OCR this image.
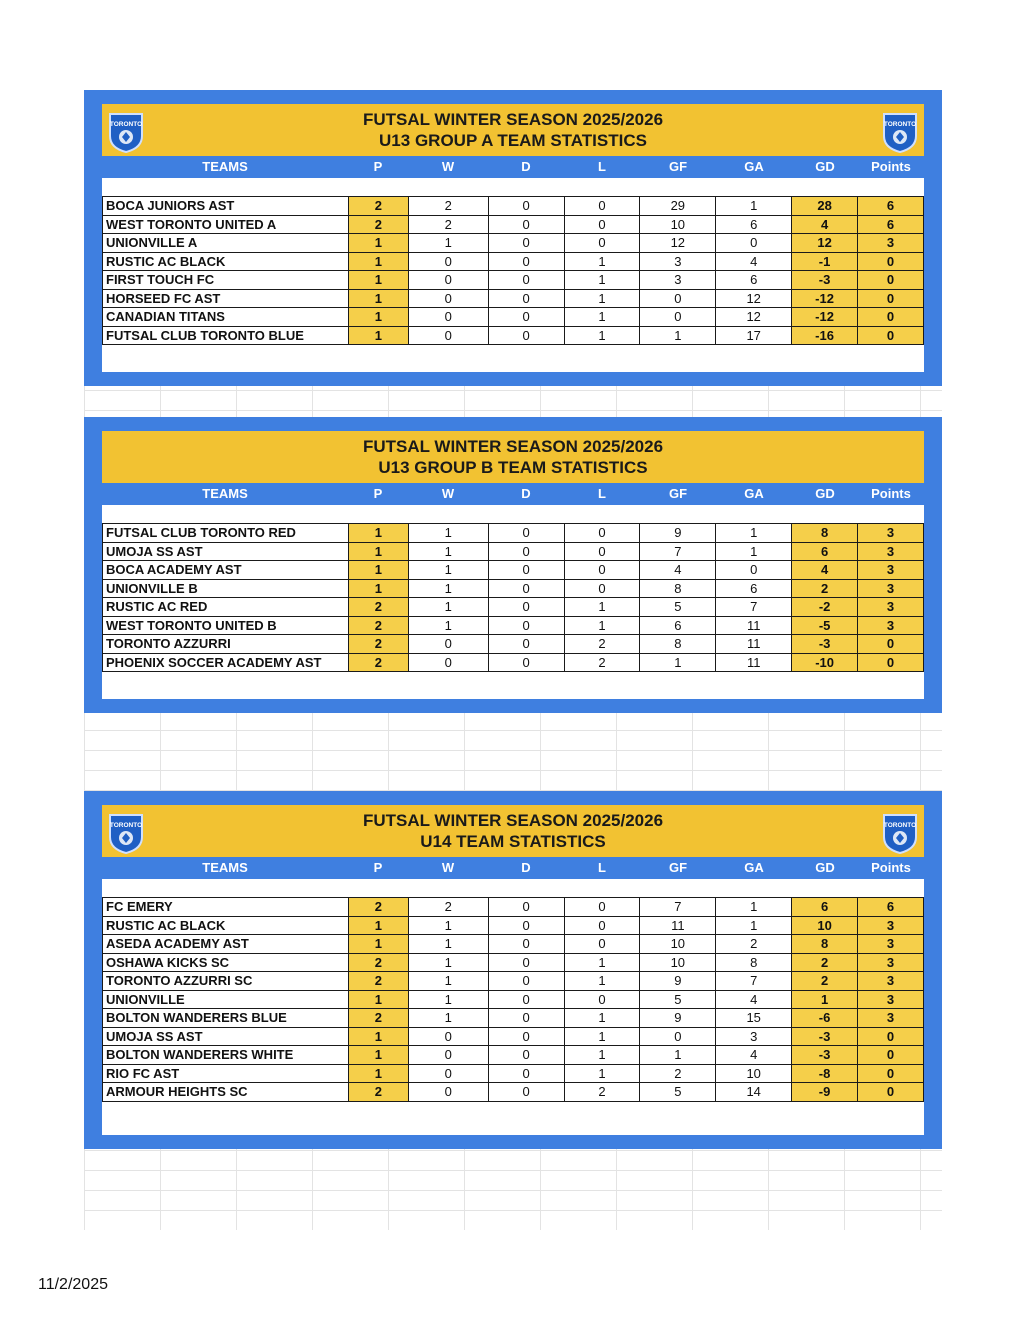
FUTSAL WINTER SEASON 2025/2026
U13 GROUP A TEAM STATISTICS
TORONTO	TORONTO
TEAMS	P	W	D	L	GF	GA	GD	Points
BOCA JUNIORS AST	2	2	0	0	29	1	28	6
WEST TORONTO UNITED A	2	2	0	0	10	6	4	6
UNIONVILLE A	1	1	0	0	12	0	12	3
RUSTIC AC BLACK	1	0	0	1	3	4	-1	0
FIRST TOUCH FC	1	0	0	1	3	6	-3	0
HORSEED FC AST	1	0	0	1	0	12	-12	0
CANADIAN TITANS	1	0	0	1	0	12	-12	0
FUTSAL CLUB TORONTO BLUE	1	0	0	1	1	17	-16	0
FUTSAL WINTER SEASON 2025/2026
U13 GROUP B TEAM STATISTICS
TEAMS	P	W	D	L	GF	GA	GD	Points
FUTSAL CLUB TORONTO RED	1	1	0	0	9	1	8	3
UMOJA SS AST	1	1	0	0	7	1	6	3
BOCA ACADEMY AST	1	1	0	0	4	0	4	3
UNIONVILLE B	1	1	0	0	8	6	2	3
RUSTIC AC RED	2	1	0	1	5	7	-2	3
WEST TORONTO UNITED B	2	1	0	1	6	11	-5	3
TORONTO AZZURRI	2	0	0	2	8	11	-3	0
PHOENIX SOCCER ACADEMY AST	2	0	0	2	1	11	-10	0
FUTSAL WINTER SEASON 2025/2026
U14 TEAM STATISTICS
TORONTO	TORONTO
TEAMS	P	W	D	L	GF	GA	GD	Points
FC EMERY	2	2	0	0	7	1	6	6
RUSTIC AC BLACK	1	1	0	0	11	1	10	3
ASEDA ACADEMY AST	1	1	0	0	10	2	8	3
OSHAWA KICKS SC	2	1	0	1	10	8	2	3
TORONTO AZZURRI SC	2	1	0	1	9	7	2	3
UNIONVILLE	1	1	0	0	5	4	1	3
BOLTON WANDERERS BLUE	2	1	0	1	9	15	-6	3
UMOJA SS AST	1	0	0	1	0	3	-3	0
BOLTON WANDERERS WHITE	1	0	0	1	1	4	-3	0
RIO FC AST	1	0	0	1	2	10	-8	0
ARMOUR HEIGHTS SC	2	0	0	2	5	14	-9	0
11/2/2025
